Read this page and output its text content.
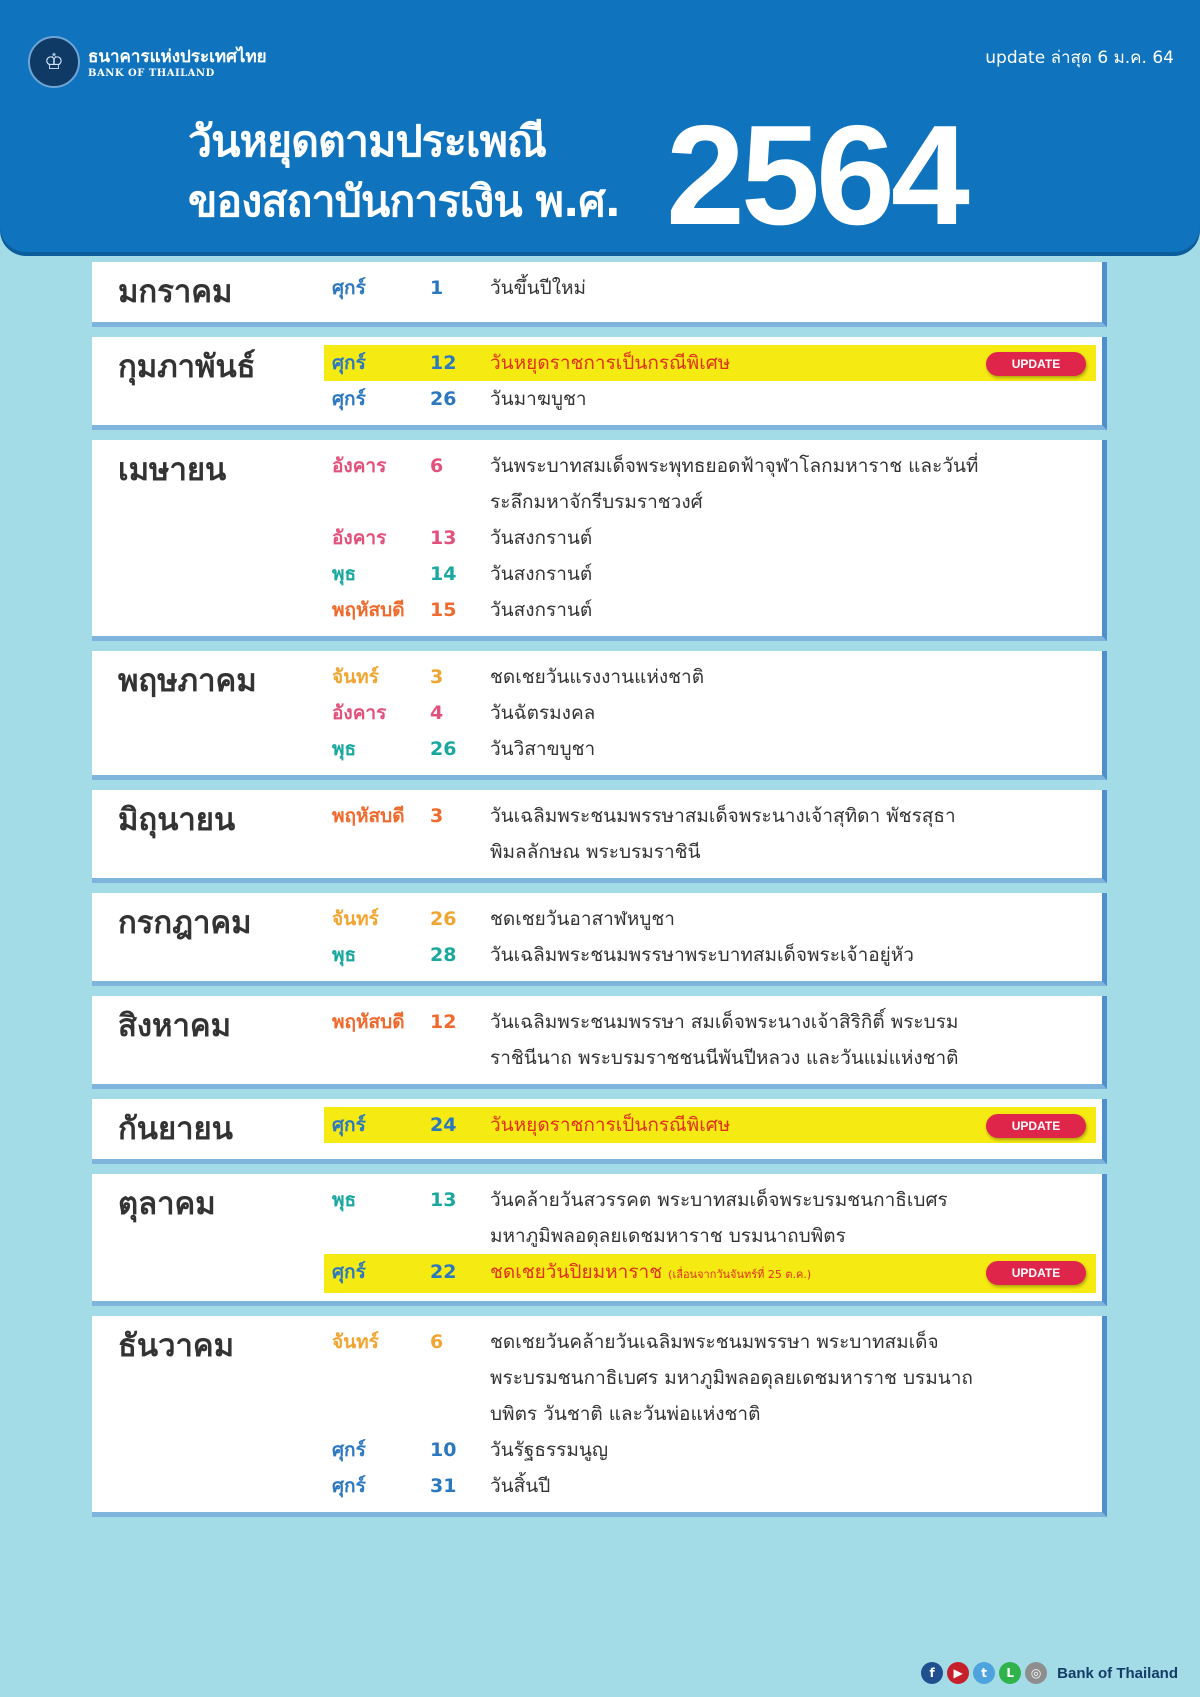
♔	ธนาคารแห่งประเทศไทย
BANK OF THAILAND
update ล่าสุด 6 ม.ค. 64
วันหยุดตามประเพณี
ของสถาบันการเงิน พ.ศ. 2564
มกราคม	ศุกร์	1	วันขึ้นปีใหม่
กุมภาพันธ์	ศุกร์	12	วันหยุดราชการเป็นกรณีพิเศษ	UPDATE
ศุกร์	26	วันมาฆบูชา
เมษายน	อังคาร	6	วันพระบาทสมเด็จพระพุทธยอดฟ้าจุฬาโลกมหาราช และวันที่ระลึกมหาจักรีบรมราชวงศ์
อังคาร	13	วันสงกรานต์
พุธ	14	วันสงกรานต์
พฤหัสบดี	15	วันสงกรานต์
พฤษภาคม	จันทร์	3	ชดเชยวันแรงงานแห่งชาติ
อังคาร	4	วันฉัตรมงคล
พุธ	26	วันวิสาขบูชา
มิถุนายน	พฤหัสบดี	3	วันเฉลิมพระชนมพรรษาสมเด็จพระนางเจ้าสุทิดา พัชรสุธาพิมลลักษณ พระบรมราชินี
กรกฎาคม	จันทร์	26	ชดเชยวันอาสาฬหบูชา
พุธ	28	วันเฉลิมพระชนมพรรษาพระบาทสมเด็จพระเจ้าอยู่หัว
สิงหาคม	พฤหัสบดี	12	วันเฉลิมพระชนมพรรษา สมเด็จพระนางเจ้าสิริกิติ์ พระบรมราชินีนาถ พระบรมราชชนนีพันปีหลวง และวันแม่แห่งชาติ
กันยายน	ศุกร์	24	วันหยุดราชการเป็นกรณีพิเศษ	UPDATE
ตุลาคม	พุธ	13	วันคล้ายวันสวรรคต พระบาทสมเด็จพระบรมชนกาธิเบศร มหาภูมิพลอดุลยเดชมหาราช บรมนาถบพิตร
ศุกร์	22	ชดเชยวันปิยมหาราช (เลื่อนจากวันจันทร์ที่ 25 ต.ค.)	UPDATE
ธันวาคม	จันทร์	6	ชดเชยวันคล้ายวันเฉลิมพระชนมพรรษา พระบาทสมเด็จพระบรมชนกาธิเบศร มหาภูมิพลอดุลยเดชมหาราช บรมนาถบพิตร วันชาติ และวันพ่อแห่งชาติ
ศุกร์	10	วันรัฐธรรมนูญ
ศุกร์	31	วันสิ้นปี
f	▶	t	L	◎	Bank of Thailand
